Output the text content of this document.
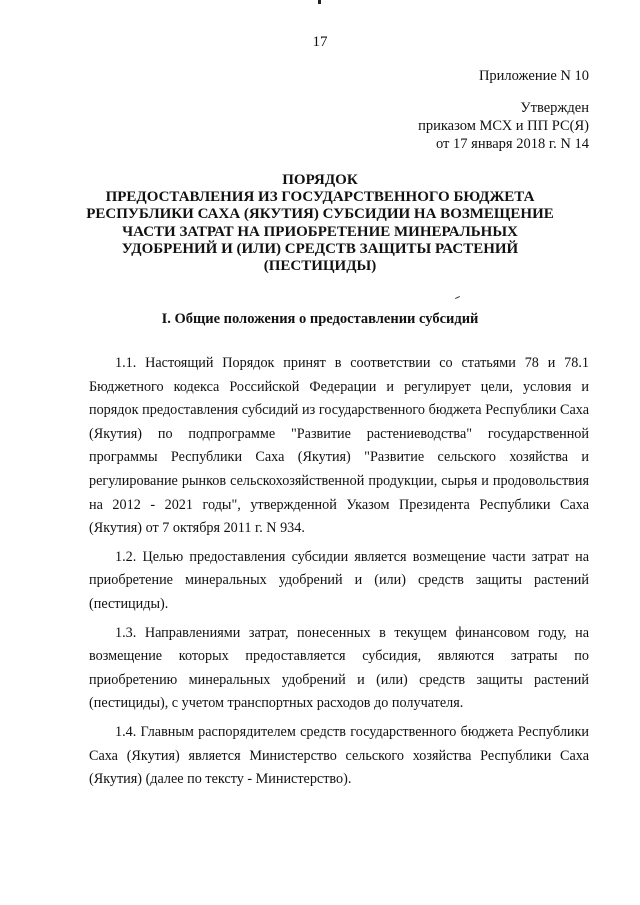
17
Приложение N 10
Утвержден
приказом МСХ и ПП РС(Я)
от 17 января 2018 г. N 14
ПОРЯДОК
ПРЕДОСТАВЛЕНИЯ ИЗ ГОСУДАРСТВЕННОГО БЮДЖЕТА
РЕСПУБЛИКИ САХА (ЯКУТИЯ) СУБСИДИИ НА ВОЗМЕЩЕНИЕ
ЧАСТИ ЗАТРАТ НА ПРИОБРЕТЕНИЕ МИНЕРАЛЬНЫХ
УДОБРЕНИЙ И (ИЛИ) СРЕДСТВ ЗАЩИТЫ РАСТЕНИЙ
(ПЕСТИЦИДЫ)
I. Общие положения о предоставлении субсидий

1.1. Настоящий Порядок принят в соответствии со статьями 78 и 78.1 Бюджетного кодекса Российской Федерации и регулирует цели, условия и порядок предоставления субсидий из государственного бюджета Республики Саха (Якутия) по подпрограмме "Развитие растениеводства" государственной программы Республики Саха (Якутия) "Развитие сельского хозяйства и регулирование рынков сельскохозяйственной продукции, сырья и продовольствия на 2012 - 2021 годы", утвержденной Указом Президента Республики Саха (Якутия) от 7 октября 2011 г. N 934.

1.2. Целью предоставления субсидии является возмещение части затрат на приобретение минеральных удобрений и (или) средств защиты растений (пестициды).

1.3. Направлениями затрат, понесенных в текущем финансовом году, на возмещение которых предоставляется субсидия, являются затраты по приобретению минеральных удобрений и (или) средств защиты растений (пестициды), с учетом транспортных расходов до получателя.

1.4. Главным распорядителем средств государственного бюджета Республики Саха (Якутия) является Министерство сельского хозяйства Республики Саха (Якутия) (далее по тексту - Министерство).
